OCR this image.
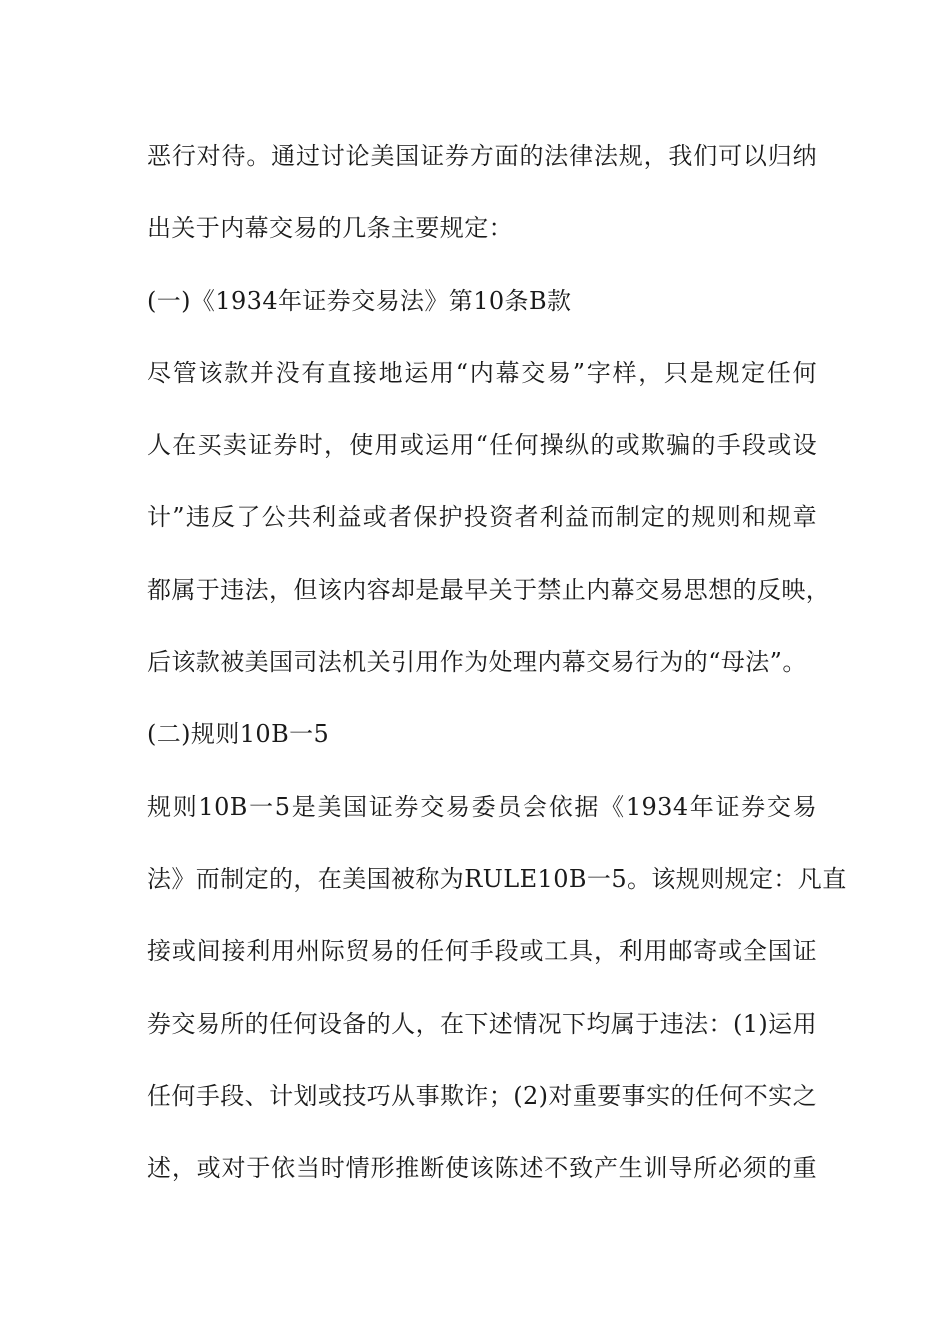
恶行对待。通过讨论美国证券方面的法律法规，我们可以归纳
出关于内幕交易的几条主要规定：
(一)《1934年证券交易法》第10条B款
尽管该款并没有直接地运用“内幕交易”字样，只是规定任何
人在买卖证券时，使用或运用“任何操纵的或欺骗的手段或设
计”违反了公共利益或者保护投资者利益而制定的规则和规章
都属于违法，但该内容却是最早关于禁止内幕交易思想的反映，
后该款被美国司法机关引用作为处理内幕交易行为的“母法”。
(二)规则10B一5
规则10B一5是美国证券交易委员会依据《1934年证券交易
法》而制定的，在美国被称为RULE10B一5。该规则规定：凡直
接或间接利用州际贸易的任何手段或工具，利用邮寄或全国证
券交易所的任何设备的人，在下述情况下均属于违法：(1)运用
任何手段、计划或技巧从事欺诈；(2)对重要事实的任何不实之
述，或对于依当时情形推断使该陈述不致产生训导所必须的重
